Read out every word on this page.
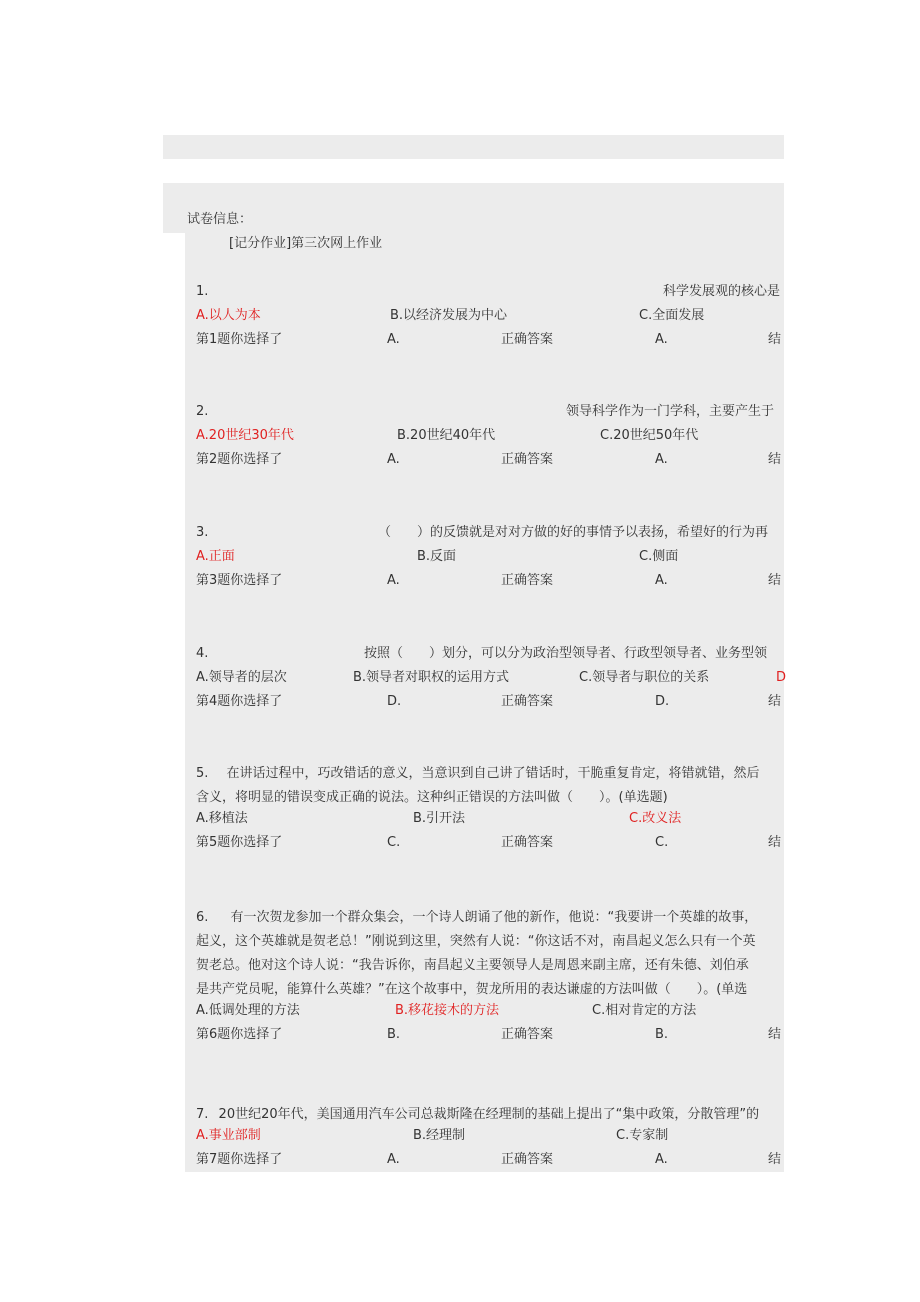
试卷信息：
[记分作业]第三次网上作业
1.	科学发展观的核心是
A.以人为本	B.以经济发展为中心	C.全面发展
第1题你选择了	A.	正确答案	A.	结
2.	领导科学作为一门学科，主要产生于
A.20世纪30年代	B.20世纪40年代	C.20世纪50年代
第2题你选择了	A.	正确答案	A.	结
3.	（　　）的反馈就是对对方做的好的事情予以表扬，希望好的行为再
A.正面	B.反面	C.侧面
第3题你选择了	A.	正确答案	A.	结
4.	按照（　　）划分，可以分为政治型领导者、行政型领导者、业务型领
A.领导者的层次	B.领导者对职权的运用方式	C.领导者与职位的关系	D
第4题你选择了	D.	正确答案	D.	结
5. 在讲话过程中，巧改错话的意义，当意识到自己讲了错话时，干脆重复肯定，将错就错，然后
含义，将明显的错误变成正确的说法。这种纠正错误的方法叫做（　　）。(单选题)
A.移植法	B.引开法	C.改义法
第5题你选择了	C.	正确答案	C.	结
6. 有一次贺龙参加一个群众集会，一个诗人朗诵了他的新作，他说：“我要讲一个英雄的故事，
起义，这个英雄就是贺老总！”刚说到这里，突然有人说：“你这话不对，南昌起义怎么只有一个英
贺老总。他对这个诗人说：“我告诉你，南昌起义主要领导人是周恩来副主席，还有朱德、刘伯承
是共产党员呢，能算什么英雄？”在这个故事中，贺龙所用的表达谦虚的方法叫做（　　）。(单选
A.低调处理的方法	B.移花接木的方法	C.相对肯定的方法
第6题你选择了	B.	正确答案	B.	结
7. 20世纪20年代，美国通用汽车公司总裁斯隆在经理制的基础上提出了“集中政策，分散管理”的
A.事业部制	B.经理制	C.专家制
第7题你选择了	A.	正确答案	A.	结
